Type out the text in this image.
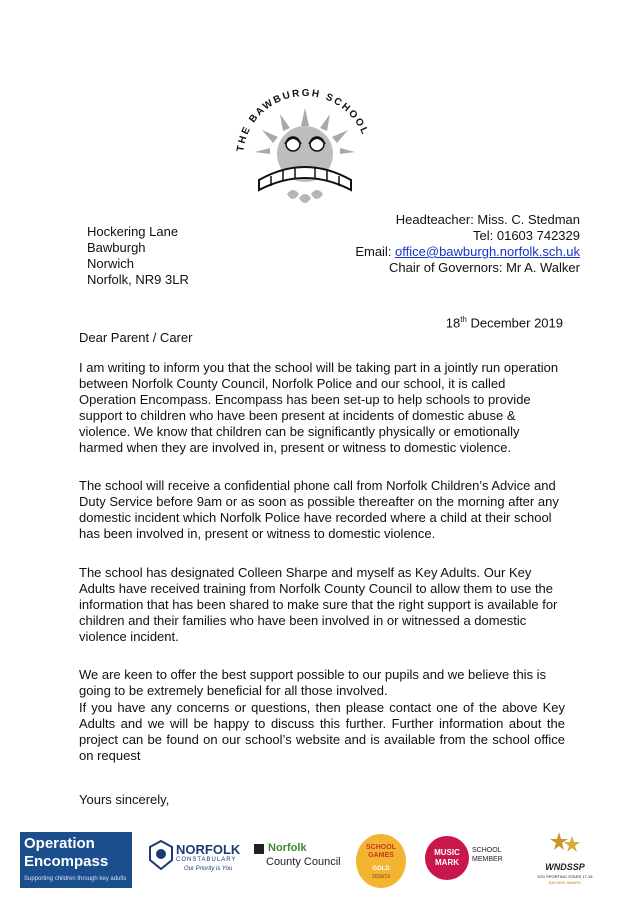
THE BAWBURGH SCHOOL
Hockering Lane
Bawburgh
Norwich
Norfolk, NR9 3LR
Headteacher: Miss. C. Stedman
Tel: 01603 742329
Email: office@bawburgh.norfolk.sch.uk
Chair of Governors: Mr A. Walker
18th December 2019
Dear Parent / Carer

I am writing to inform you that the school will be taking part in a jointly run operation between Norfolk County Council, Norfolk Police and our school, it is called Operation Encompass. Encompass has been set-up to help schools to provide support to children who have been present at incidents of domestic abuse & violence. We know that children can be significantly physically or emotionally harmed when they are involved in, present or witness to domestic violence.

The school will receive a confidential phone call from Norfolk Children’s Advice and Duty Service before 9am or as soon as possible thereafter on the morning after any domestic incident which Norfolk Police have recorded where a child at their school has been involved in, present or witness to domestic violence.

The school has designated Colleen Sharpe and myself as Key Adults. Our Key Adults have received training from Norfolk County Council to allow them to use the information that has been shared to make sure that the right support is available for children and their families who have been involved in or witnessed a domestic violence incident.

We are keen to offer the best support possible to our pupils and we believe this is going to be extremely beneficial for all those involved.

If you have any concerns or questions, then please contact one of the above Key Adults and we will be happy to discuss this further. Further information about the project can be found on our school’s website and is available from the school office on request

Yours sincerely,
Operation
Encompass
Supporting children through key adults
NORFOLK
CONSTABULARY
Our Priority is You
Norfolk
County Council
SCHOOL GAMES
GOLD
2018/19
MUSIC MARK
SCHOOL MEMBER
WNDSSP
KS1 SPORTING STARS 17-18
BRONZE AWARD
